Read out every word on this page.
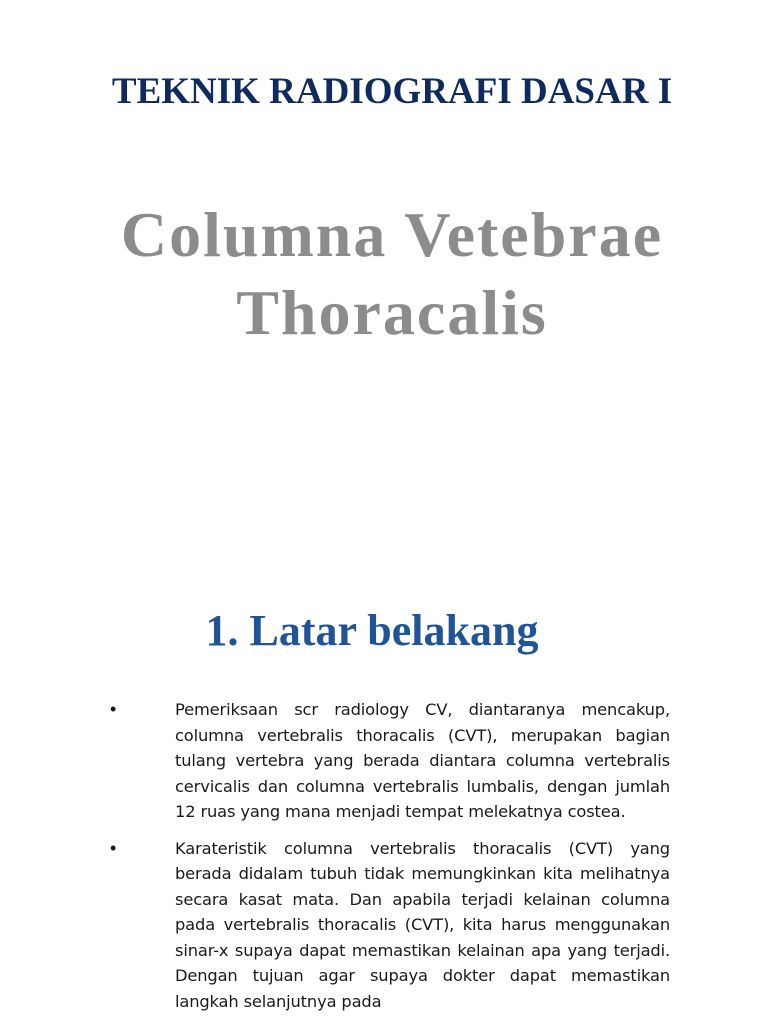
TEKNIK RADIOGRAFI DASAR I
Columna Vetebrae
Thoracalis
1. Latar belakang
•	Pemeriksaan scr radiology CV, diantaranya mencakup, columna vertebralis thoracalis (CVT), merupakan bagian tulang vertebra yang berada diantara columna vertebralis cervicalis dan columna vertebralis lumbalis, dengan jumlah 12 ruas yang mana menjadi tempat melekatnya costea.
•	Karateristik columna vertebralis thoracalis (CVT) yang berada didalam tubuh tidak memungkinkan kita melihatnya secara kasat mata. Dan apabila terjadi kelainan columna pada vertebralis thoracalis (CVT), kita harus menggunakan sinar-x supaya dapat memastikan kelainan apa yang terjadi. Dengan tujuan agar supaya dokter dapat memastikan langkah selanjutnya pada
